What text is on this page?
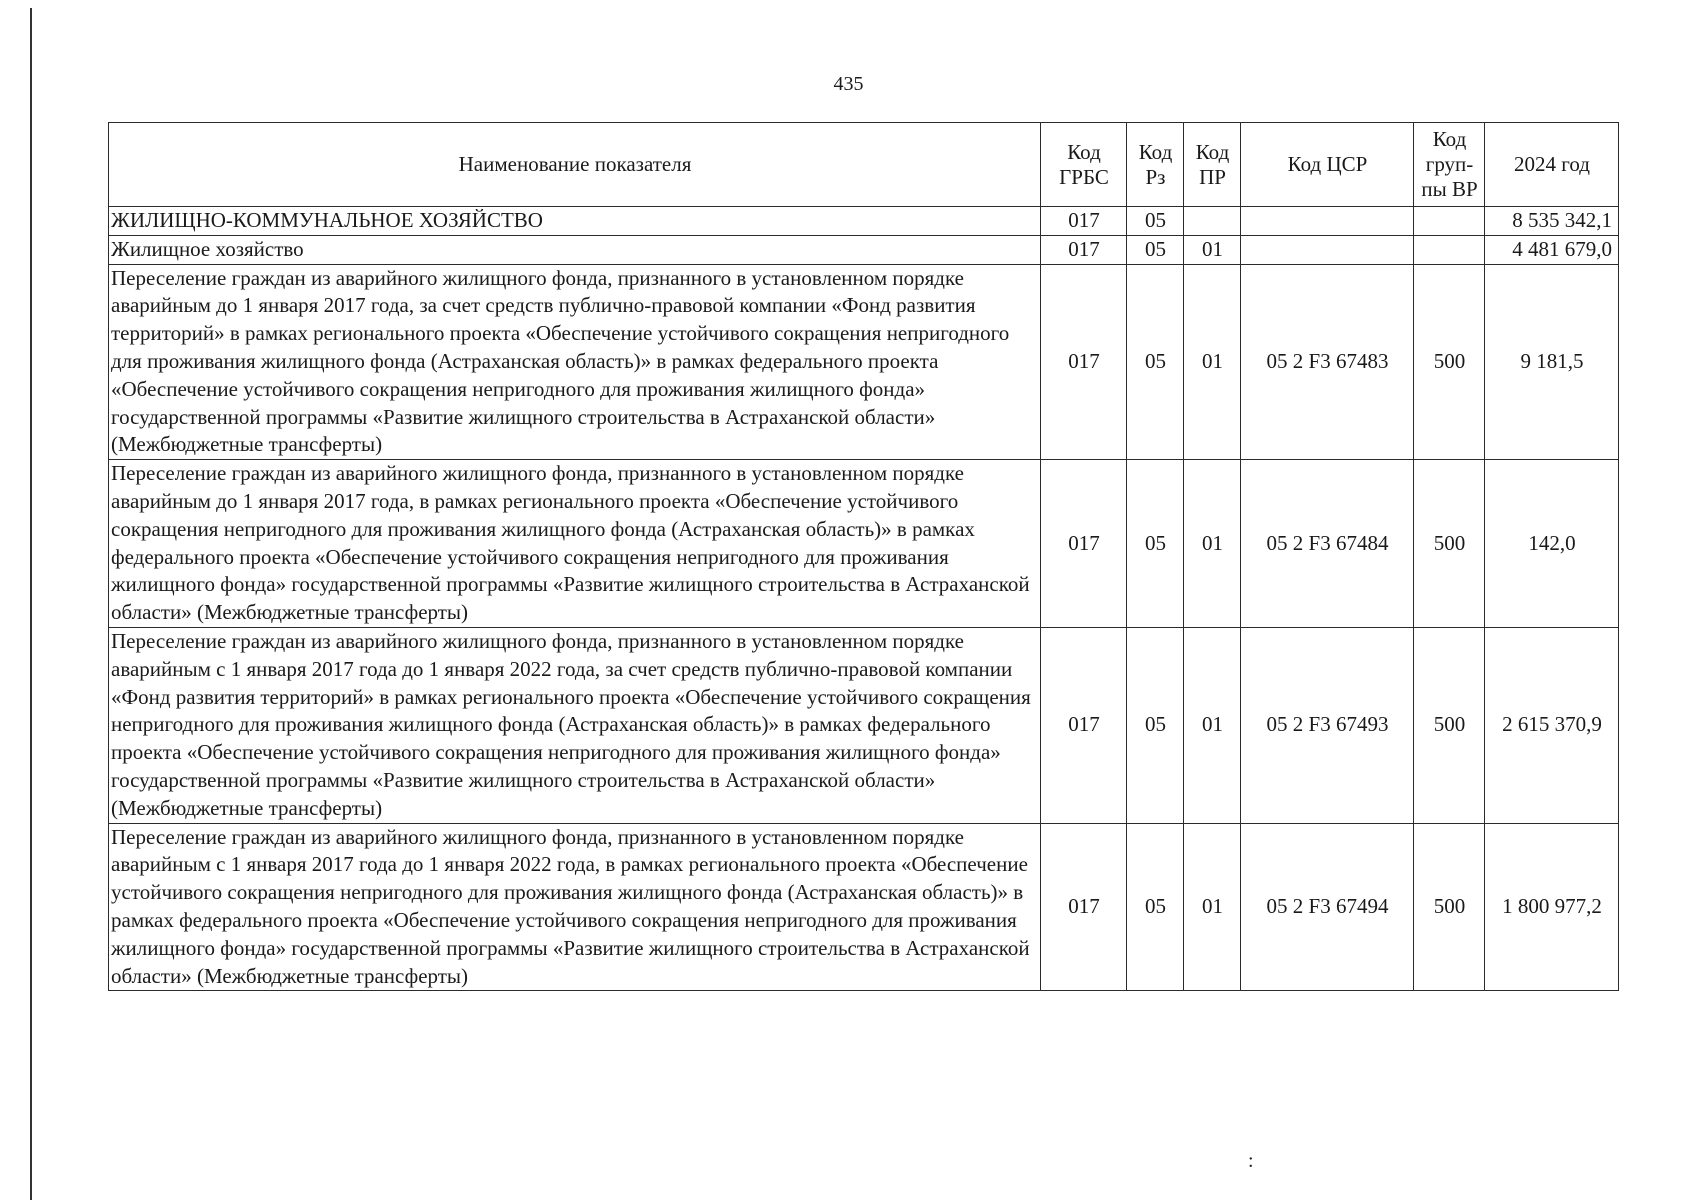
435
Наименование показателя	Код ГРБС	Код Рз	Код ПР	Код ЦСР	Код груп-пы ВР	2024 год
ЖИЛИЩНО-КОММУНАЛЬНОЕ ХОЗЯЙСТВО	017	05				8 535 342,1
Жилищное хозяйство	017	05	01			4 481 679,0
Переселение граждан из аварийного жилищного фонда, признанного в установленном порядке аварийным до 1 января 2017 года, за счет средств публично-правовой компании «Фонд развития территорий» в рамках регионального проекта «Обеспечение устойчивого сокращения непригодного для проживания жилищного фонда (Астраханская область)» в рамках федерального проекта «Обеспечение устойчивого сокращения непригодного для проживания жилищного фонда» государственной программы «Развитие жилищного строительства в Астраханской области» (Межбюджетные трансферты)	017	05	01	05 2 F3 67483	500	9 181,5
Переселение граждан из аварийного жилищного фонда, признанного в установленном порядке аварийным до 1 января 2017 года, в рамках регионального проекта «Обеспечение устойчивого сокращения непригодного для проживания жилищного фонда (Астраханская область)» в рамках федерального проекта «Обеспечение устойчивого сокращения непригодного для проживания жилищного фонда» государственной программы «Развитие жилищного строительства в Астраханской области» (Межбюджетные трансферты)	017	05	01	05 2 F3 67484	500	142,0
Переселение граждан из аварийного жилищного фонда, признанного в установленном порядке аварийным с 1 января 2017 года до 1 января 2022 года, за счет средств публично-правовой компании «Фонд развития территорий» в рамках регионального проекта «Обеспечение устойчивого сокращения непригодного для проживания жилищного фонда (Астраханская область)» в рамках федерального проекта «Обеспечение устойчивого сокращения непригодного для проживания жилищного фонда» государственной программы «Развитие жилищного строительства в Астраханской области» (Межбюджетные трансферты)	017	05	01	05 2 F3 67493	500	2 615 370,9
Переселение граждан из аварийного жилищного фонда, признанного в установленном порядке аварийным с 1 января 2017 года до 1 января 2022 года, в рамках регионального проекта «Обеспечение устойчивого сокращения непригодного для проживания жилищного фонда (Астраханская область)» в рамках федерального проекта «Обеспечение устойчивого сокращения непригодного для проживания жилищного фонда» государственной программы «Развитие жилищного строительства в Астраханской области» (Межбюджетные трансферты)	017	05	01	05 2 F3 67494	500	1 800 977,2
:
